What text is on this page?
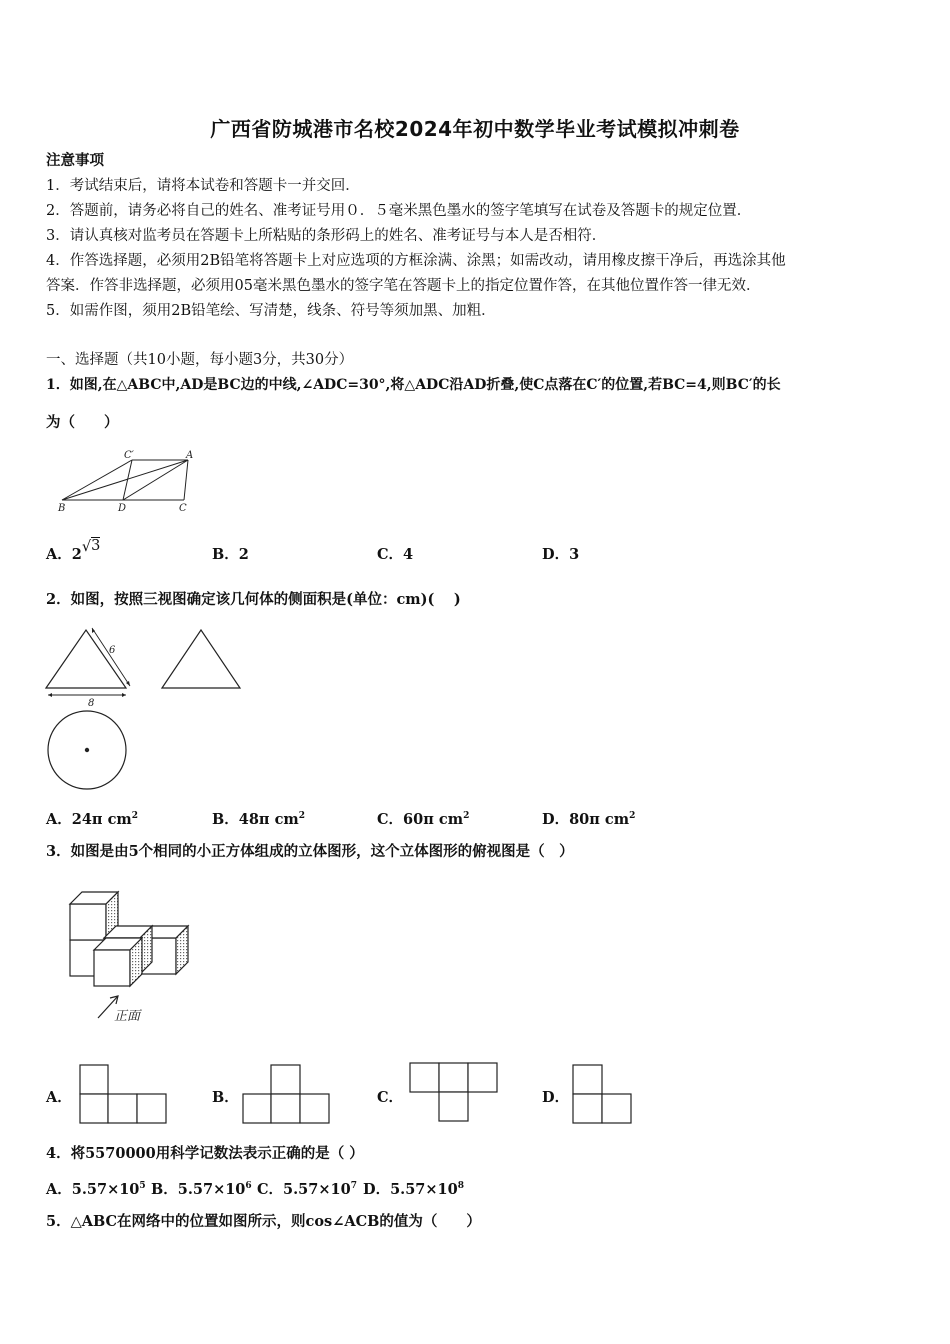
广西省防城港市名校2024年初中数学毕业考试模拟冲刺卷
注意事项
1．考试结束后，请将本试卷和答题卡一并交回．
2．答题前，请务必将自己的姓名、准考证号用０．５毫米黑色墨水的签字笔填写在试卷及答题卡的规定位置．
3．请认真核对监考员在答题卡上所粘贴的条形码上的姓名、准考证号与本人是否相符．
4．作答选择题，必须用2B铅笔将答题卡上对应选项的方框涂满、涂黑；如需改动，请用橡皮擦干净后，再选涂其他
答案．作答非选择题，必须用05毫米黑色墨水的签字笔在答题卡上的指定位置作答，在其他位置作答一律无效．
5．如需作图，须用2B铅笔绘、写清楚，线条、符号等须加黑、加粗．
一、选择题（共10小题，每小题3分，共30分）
1．如图,在△ABC中,AD是BC边的中线,∠ADC=30°,将△ADC沿AD折叠,使C点落在C′的位置,若BC=4,则BC′的长
为（　　）
C′	A
B	D	C
A．2√3	B．2	C．4	D．3
2．如图，按照三视图确定该几何体的侧面积是(单位：cm)(　 )
6
8
A．24π $cm^2$	B．48π $cm^2$	C．60π $cm^2$	D．80π $cm^2$
3．如图是由5个相同的小正方体组成的立体图形，这个立体图形的俯视图是（　）
正面
A．	B．	C．	D．
4．将5570000用科学记数法表示正确的是（ ）
A．$5.57\times 10^5$ B．$5.57\times 10^6$ C．$5.57\times 10^7$ D．$5.57\times 10^8$
5．△ABC在网络中的位置如图所示，则cos∠ACB的值为（　　）
